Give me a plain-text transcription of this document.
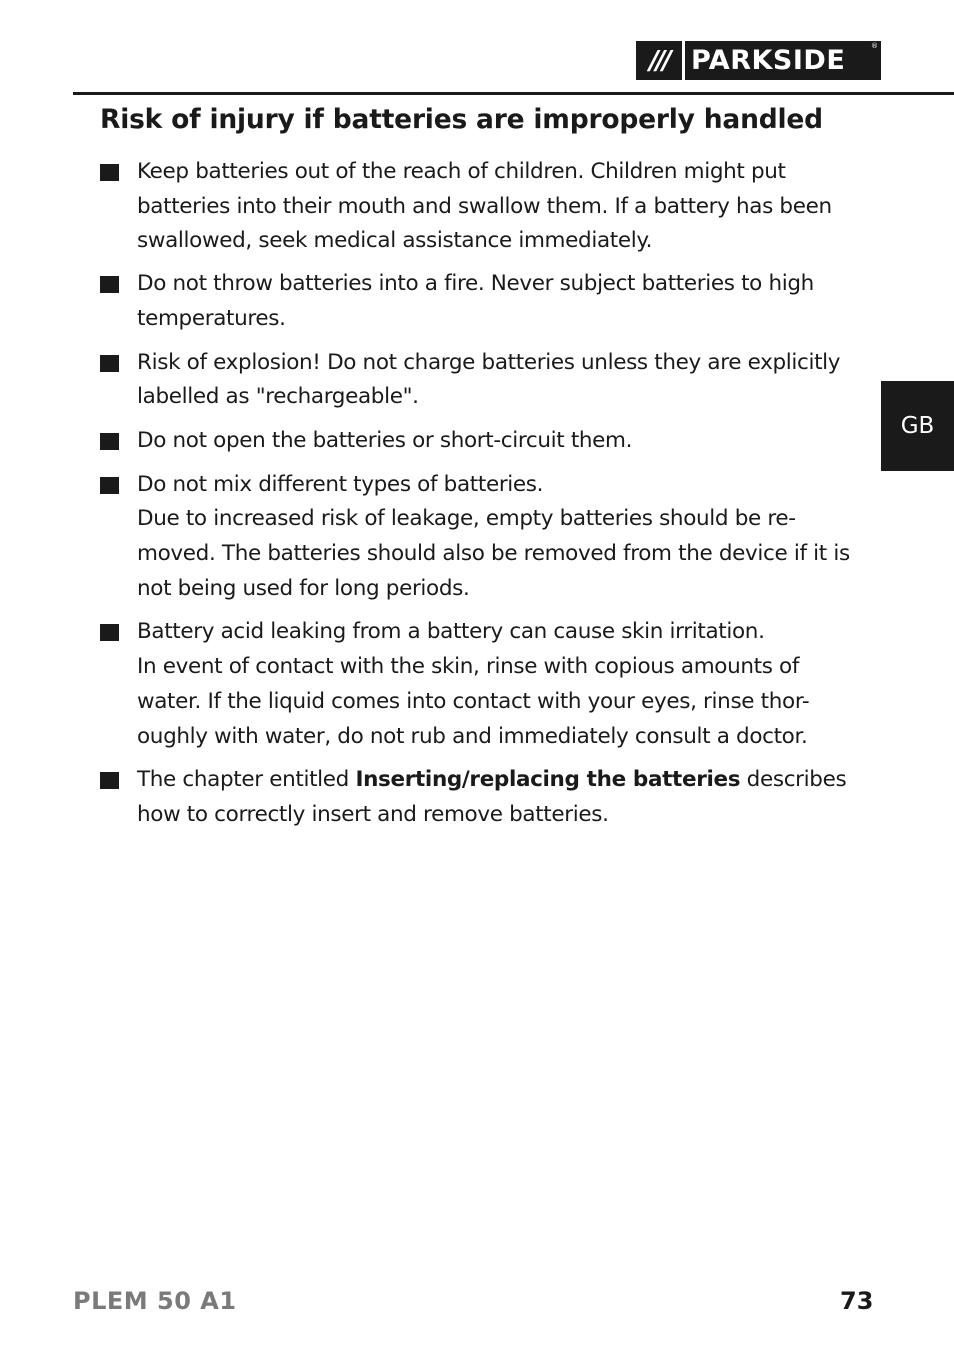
/// PARKSIDE	®
Risk of injury if batteries are improperly handled

Keep batteries out of the reach of children. Children might put batteries into their mouth and swallow them. If a battery has been swallowed, seek medical assistance immediately.

Do not throw batteries into a fire. Never subject batteries to high temperatures.

Risk of explosion! Do not charge batteries unless they are explicitly labelled as "rechargeable".

Do not open the batteries or short-circuit them.

Do not mix different types of batteries.

Due to increased risk of leakage, empty batteries should be re-moved. The batteries should also be removed from the device if it is not being used for long periods.

Battery acid leaking from a battery can cause skin irritation.

In event of contact with the skin, rinse with copious amounts of water. If the liquid comes into contact with your eyes, rinse thor-oughly with water, do not rub and immediately consult a doctor.

The chapter entitled Inserting/replacing the batteries describes how to correctly insert and remove batteries.

GB
PLEM 50 A1	73
